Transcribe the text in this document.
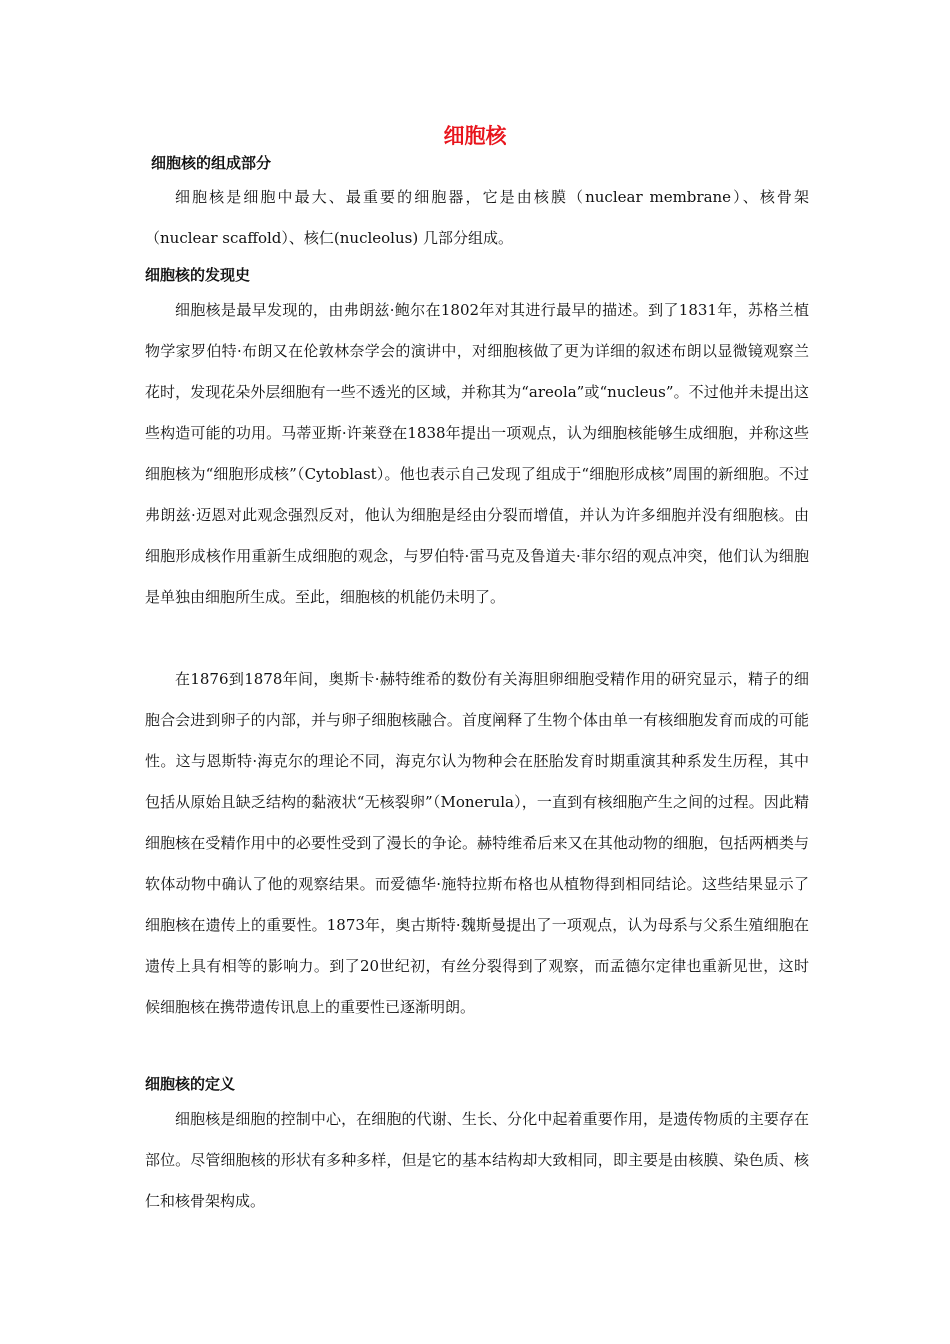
细胞核
细胞核的组成部分

细胞核是细胞中最大、最重要的细胞器，它是由核膜（nuclear membrane）、核骨架（nuclear scaffold）、核仁(nucleolus) 几部分组成。

细胞核的发现史

细胞核是最早发现的，由弗朗兹·鲍尔在1802年对其进行最早的描述。到了1831年，苏格兰植物学家罗伯特·布朗又在伦敦林奈学会的演讲中，对细胞核做了更为详细的叙述布朗以显微镜观察兰花时，发现花朵外层细胞有一些不透光的区域，并称其为“areola”或“nucleus”。不过他并未提出这些构造可能的功用。马蒂亚斯·许莱登在1838年提出一项观点，认为细胞核能够生成细胞，并称这些细胞核为“细胞形成核”（Cytoblast）。他也表示自己发现了组成于“细胞形成核”周围的新细胞。不过弗朗兹·迈恩对此观念强烈反对，他认为细胞是经由分裂而增值，并认为许多细胞并没有细胞核。由细胞形成核作用重新生成细胞的观念，与罗伯特·雷马克及鲁道夫·菲尔绍的观点冲突，他们认为细胞是单独由细胞所生成。至此，细胞核的机能仍未明了。

在1876到1878年间，奥斯卡·赫特维希的数份有关海胆卵细胞受精作用的研究显示，精子的细胞合会进到卵子的内部，并与卵子细胞核融合。首度阐释了生物个体由单一有核细胞发育而成的可能性。这与恩斯特·海克尔的理论不同，海克尔认为物种会在胚胎发育时期重演其种系发生历程，其中包括从原始且缺乏结构的黏液状“无核裂卵”（Monerula），一直到有核细胞产生之间的过程。因此精细胞核在受精作用中的必要性受到了漫长的争论。赫特维希后来又在其他动物的细胞，包括两栖类与软体动物中确认了他的观察结果。而爱德华·施特拉斯布格也从植物得到相同结论。这些结果显示了细胞核在遗传上的重要性。1873年，奥古斯特·魏斯曼提出了一项观点，认为母系与父系生殖细胞在遗传上具有相等的影响力。到了20世纪初，有丝分裂得到了观察，而孟德尔定律也重新见世，这时候细胞核在携带遗传讯息上的重要性已逐渐明朗。

细胞核的定义

细胞核是细胞的控制中心，在细胞的代谢、生长、分化中起着重要作用，是遗传物质的主要存在部位。尽管细胞核的形状有多种多样，但是它的基本结构却大致相同，即主要是由核膜、染色质、核仁和核骨架构成。
